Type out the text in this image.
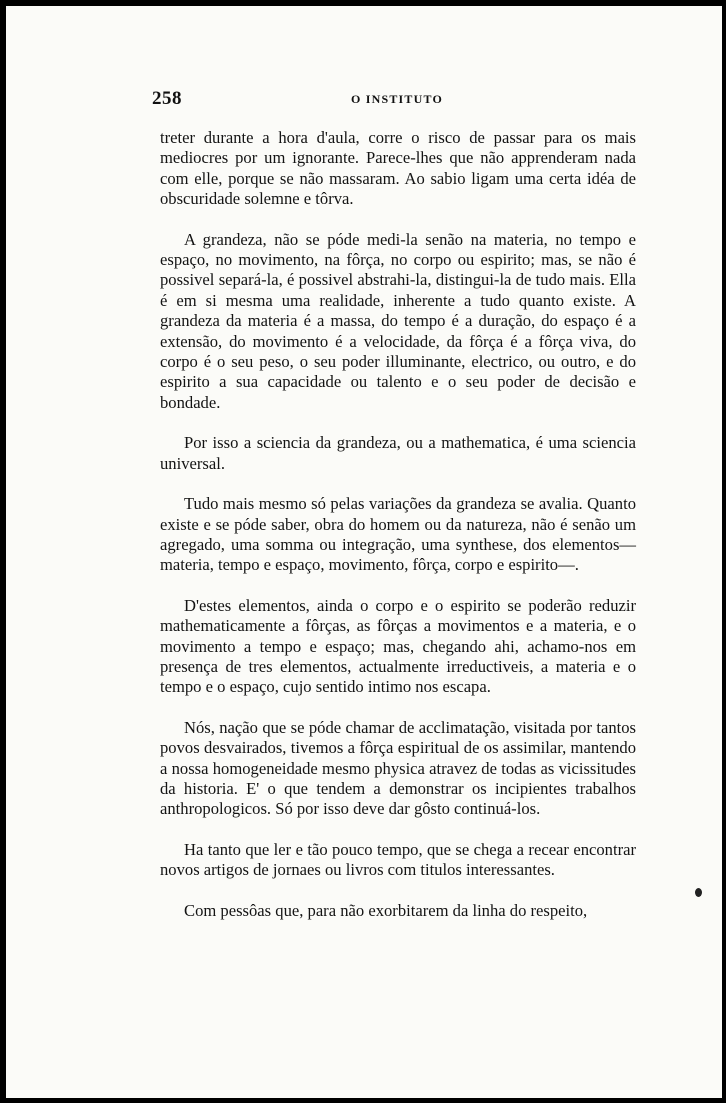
258	O INSTITUTO

treter durante a hora d'aula, corre o risco de passar para os mais mediocres por um ignorante. Parece-lhes que não apprenderam nada com elle, porque se não massaram. Ao sabio ligam uma certa idéa de obscuridade solemne e tôrva.

A grandeza, não se póde medi-la senão na materia, no tempo e espaço, no movimento, na fôrça, no corpo ou espirito; mas, se não é possivel separá-la, é possivel abstrahi-la, distingui-la de tudo mais. Ella é em si mesma uma realidade, inherente a tudo quanto existe. A grandeza da materia é a massa, do tempo é a duração, do espaço é a extensão, do movimento é a velocidade, da fôrça é a fôrça viva, do corpo é o seu peso, o seu poder illuminante, electrico, ou outro, e do espirito a sua capacidade ou talento e o seu poder de decisão e bondade.

Por isso a sciencia da grandeza, ou a mathematica, é uma sciencia universal.

Tudo mais mesmo só pelas variações da grandeza se avalia. Quanto existe e se póde saber, obra do homem ou da natureza, não é senão um agregado, uma somma ou integração, uma synthese, dos elementos—materia, tempo e espaço, movimento, fôrça, corpo e espirito—.

D'estes elementos, ainda o corpo e o espirito se poderão reduzir mathematicamente a fôrças, as fôrças a movimentos e a materia, e o movimento a tempo e espaço; mas, chegando ahi, achamo-nos em presença de tres elementos, actualmente irreductiveis, a materia e o tempo e o espaço, cujo sentido intimo nos escapa.

Nós, nação que se póde chamar de acclimatação, visitada por tantos povos desvairados, tivemos a fôrça espiritual de os assimilar, mantendo a nossa homogeneidade mesmo physica atravez de todas as vicissitudes da historia. E' o que tendem a demonstrar os incipientes trabalhos anthropologicos. Só por isso deve dar gôsto continuá-los.

Ha tanto que ler e tão pouco tempo, que se chega a recear encontrar novos artigos de jornaes ou livros com titulos interessantes.

Com pessôas que, para não exorbitarem da linha do respeito,
